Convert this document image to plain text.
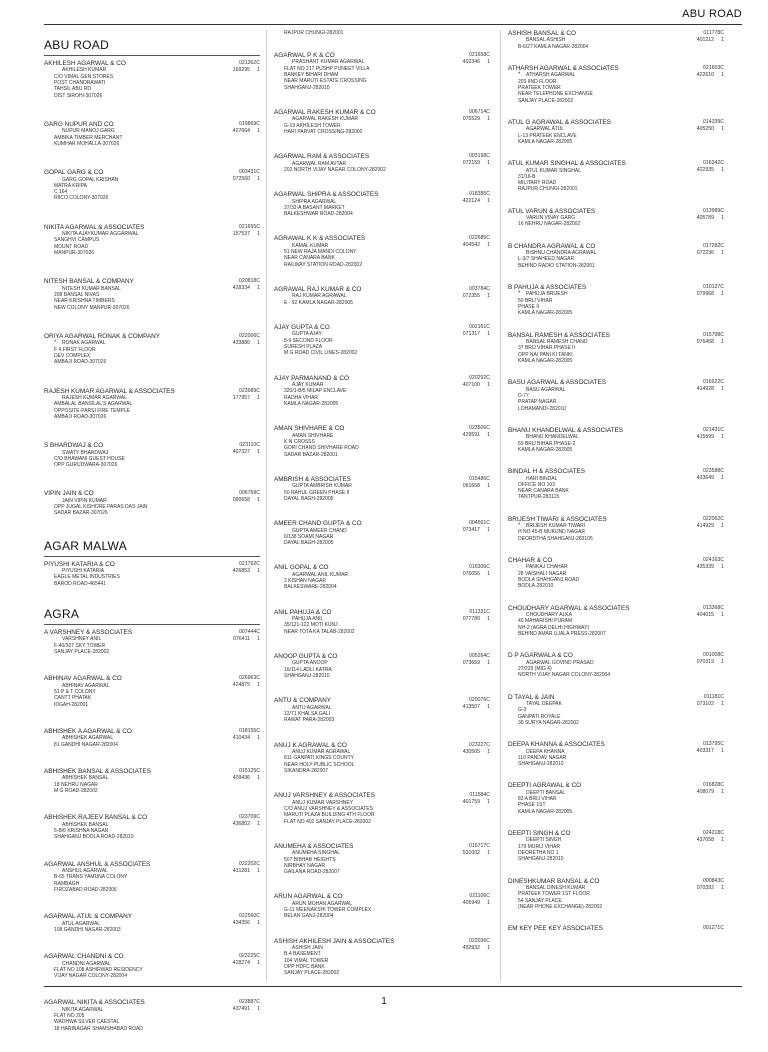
ABU ROAD
ABU ROAD
AKHILESH AGARWAL & CO	021362C
169295 1
AKHILESH KUMAR
C/O VIMAL GEN STORES
POST CHANDRAWATI
TAHSIL ABU RD
DIST SIROHI-307026
GARG NUPUR AND CO	019869C
427664 1
NUPUR MANOJ GARG
AMBIKA TIMBER MERCHANT
KUMHAR MOHALLA-307026
GOPAL GARG & CO	003431C
072560 1
GARG GOPAL KRISHAN
MATRA KRIPA
C 164
RIICO COLONY-307026
NIKITA AGARWAL & ASSOCIATES	021655C
157537 1
NIKITA AJAYKUMAR AGGARWAL
SANGHVI CAMPUS
MOUNT ROAD
MANPUR-307026
NITESH BANSAL & COMPANY	020818C
428334 1
NITESH KUMAR BANSAL
208 BANSAL NIVAS
NEAR KRISHNA TIMBERS
NEW COLONY MANPUR-307026
ORIYA AGARWAL RONAK & COMPANY	022006C
433886 1
*	RONAK AGARWAL
F 4 FIRST FLOOR
DEV COMPLEX
AMBAJI ROAD-307026
RAJESH KUMAR AGARWAL & ASSOCIATES	023989C
177957 1
RAJESH KUMAR AGARWAL
AMBALAL BANSILAL'S AGARWAL
OPPOSITE-PARSI FIRE TEMPLE
AMBAJI ROAD-307026
S BHARDWAJ & CO	023110C
407327 1
SWATY BHARDWAJ
C/O BHAWANI GUEST HOUSE
OPP GURUDWARA-307026
VIPIN JAIN & CO	006769C
090658 1
JAIN VIPIN KUMAR
OPP JUGAL KISHORE PARAS DAS JAIN
SADAR BAZAR-307026
AGAR MALWA
PIYUSHI KATARIA & CO	021762C
426853 1
PIYUSHI KATARIA
EAGLE METAL INDUSTRIES
BAROD ROAD-465441
AGRA
A VARSHNEY & ASSOCIATES	007444C
076411 1
VARSHNEY ANIL
F-40/307 SKY TOWER
SANJAY PLACE-282002
ABHINAV AGARWAL & CO	026963C
424875 1
ABHINAV AGARWAL
51 P & T COLONY
CANTT PHATAK
IDGAH-282001
ABHISHEK A AGARWAL & CO	018155C
410434 1
ABHISHEK AGARWAL
81 GANDHI NAGAR-282004
ABHISHEK BANSAL & ASSOCIATES	015125C
409436 1
ABHISHEK BANSAL
18 NEHRU NAGAR
M G ROAD-282002
ABHISHEK RAJEEV BANSAL & CO	023709C
436802 1
ABHISHEK BANSAL
5-B/6 KRISHNA NAGAR
SHAHGANJ BODLA ROAD-282010
AGARWAL ANSHUL & ASSOCIATES	022202C
431281 1
ANSHUL AGARWAL
B-65 TRANS YAMUNA COLONY
RAMBAGH
FIROZABAD ROAD-282006
AGARWAL ATUL & COMPANY	022560C
434356 1
ATUL AGARWAL
108 GANDHI NAGAR-282003
AGARWAL CHANDNI & CO	023225C
428274 1
CHANDNI AGARWAL
FLAT NO 108 ASHIRWAD RESIDENCY
VIJAY NAGAR COLONY-282004
AGARWAL NIKITA & ASSOCIATES	023887C
437491 1
NIKITA AGARWAL
FLAT NO 205
WADHWA SILVER CAESTAL
18 HARINAGAR SHAMSHABAD ROAD
RAJPUR CHUNGI-282001
AGARWAL P K & CO	021658C
402346 1
PRASHANT KUMAR AGARWAL
FLAT NO 217 PUSHP PUNEET VILLA
BANKEY BIHARI DHAM
NEAR MARUTI ESTATE CROSSING
SHAHGANJ-282010
AGARWAL RAKESH KUMAR & CO	006714C
075529 1
AGARWAL RAKESH KUMAR
G-19 AKHILESH TOWER
HARI PARVAT CROSSING-282002
AGARWAL RAM & ASSOCIATES	003198C
072159 1
AGARWAL RAM AVTAR
202 NORTH VIJAY NAGAR COLONY-282002
AGARWAL SHIPRA & ASSOCIATES	018385C
422124 1
SHIPRA AGARWAL
37/32-A BASANT MARKET
BALKESHWAR ROAD-282004
AGRAWAL K K & ASSOCIATES	022685C
404542 1
KAMAL KUMAR
51 NEW RAJA MANDI COLONY
NEAR CANARA BANK
RAILWAY STATION ROAD-282002
AGRAWAL RAJ KUMAR & CO	003784C
072355 1
RAJ KUMAR AGRAWAL
E - 92 KAMLA NAGAR-282005
AJAY GUPTA & CO	002161C
071317 1
GUPTA AJAY
8-9 SECOND FLOOR
SURESH PLAZA
M G ROAD CIVIL LINES-282002
AJAY PARMANAND & CO	020292C
407100 1
AJAY KUMAR
320/1-B/5 MILAP ENCLAVE
RADHA VIHAR
KAMLA NAGAR-282005
AMAN SHIVHARE & CO	023506C
429591 1
AMAN SHIVHARE
K N CROSSS
GORI CHAND SHIVHARE ROAD
SADAR BAZAR-282001
AMBRISH & ASSOCIATES	015486C
061668 1
GUPTA AMBRISH KUMAR
50 RAHUL GREEN PHASE II
DAYAL BAGH-282005
AMEER CHAND GUPTA & CO	004561C
073417 1
GUPTA AMEER CHAND
6/138 SOAMI NAGAR
DAYAL BAGH-282005
ANIL GOPAL & CO	016306C
076056 1
AGARWAL ANIL KUMAR
2 KISHAN NAGAR
BALKESWARE-282004
ANIL PAHUJA & CO	011331C
077780 1
PAHUJA ANIL
35/121-122 MOTI KUNJ
NEAR TOTA KA TALAB-282002
ANOOP GUPTA & CO	005264C
073659 1
GUPTA ANOOP
16/114 LADLI KATRA
SHAHGANJ-282010
ANTU & COMPANY	020076C
413507 1
ANTU AGARWAL
12/71 KHALSA GALI
RAWAT PARA-282003
ANUJ K AGRAWAL & CO	023227C
430505 1
ANUJ KUMAR AGRAWAL
811 GANPATI KINGS COUNTY
NEAR HOLY PUBLIC SCHOOL
SIKANDRA-282007
ANUJ VARSHNEY & ASSOCIATES	011584C
401759 1
ANUJ KUMAR VARSHNEY
C/O ANUJ VARSHNEY & ASSOCIATES
MARUTI PLAZA BUILDING 4TH FLOOR
FLAT NO 402 SANJAY PLACE-282002
ANUMEHA & ASSOCIATES	016717C
531002 1
ANUMEHA SINGHAL
507 BIBHAB HEIGHTS
NIRBHAY NAGAR
GAILANA ROAD-282007
ARUN AGARWAL & CO	021106C
405949 1
ARUN MOHAN AGARWAL
G-11 MEENAKSHI TOWER COMPLEX
BELAN GANJ-282004
ASHISH AKHILESH JAIN & ASSOCIATES	022036C
432932 1
ASHISH JAIN
B-4 BASEMENT
104 VIMAL TOWER
OPP HDFC BANK
SANJAY PLACE-282002
ASHISH BANSAL & CO	011778C
401212 1
BANSAL ASHISH
B-6/27 KAMLA NAGAR-282004
ATHARSH AGARWAL & ASSOCIATES	021603C
422610 1
*	ATHARSH AGARWAL
203 IIND FLOOR
PRATEEK TOWER
NEAR TELEPHONE EXCHANGE
SANJAY PLACE-282002
ATUL G AGRAWAL & ASSOCIATES	014339C
405250 1
AGARWAL ATUL
L-13 PRATEEK ENCLAVE
KAMLA NAGAR-282005
ATUL KUMAR SINGHAL & ASSOCIATES	016342C
422935 1
ATUL KUMAR SINGHAL
31/16-B
MILITARY ROAD
RAJPUR CHUNGI-282001
ATUL VARUN & ASSOCIATES	013989C
405789 1
VARUN VINAY GARG
16 NEHRU NAGAR-282002
B CHANDRA AGRAWAL & CO	017282C
072236 1
BISHNU CHANDRA AGRAWAL
L-3/7 SHAHEED NAGAR
BEHIND RADIO STATION-282001
B PAHUJA & ASSOCIATES	010137C
079968 1
*	PAHUJA BRIJESH
50 BRIJ VIHAR
PHASE II
KAMLA NAGAR-282005
BANSAL RAMESH & ASSOCIATES	015798C
076458 1
BANSAL RAMESH CHAND
37 BRIJ VIHAR PHASE II
OPP NAI PANI KI TANKI
KAMLA NAGAR-282005
BASU AGARWAL & ASSOCIATES	016922C
414928 1
BASU AGARWAL
D-77
PRATAP NAGAR
LOHAMANDI-282010
BHANU KHANDELWAL & ASSOCIATES	021431C
415599 1
BHANU KHANDELWAL
59 BRIJ BIHAR PHASE-2
KAMLA NAGAR-282005
BINDAL H & ASSOCIATES	023588C
433649 1
HARI BINDAL
OFFICE NO 103
NEAR CANARA BANK
TANTPUR-283115
BRIJESH TIWARI & ASSOCIATES	022062C
414929 1
*	BRIJESH KUMAR TIWARI
H NO 45-B MUKUND NAGAR
DEORDTHA SHAHGANJ-283105
CHAHAR & CO	024163C
435339 1
PANKAJ CHAHAR
28 VAISHALI NAGAR
BODLA SHAHGANJ ROAD
BODLA-282010
CHOUDHARY AGARWAL & ASSOCIATES	013368C
404015 1
CHOUDHARY ALKA
40 MAHARISHI PURAM
NH-2 (AGRA DELHI HIGHWAY)
BEHIND AMAR UJALA PRESS-282007
D P AGARWALA & CO	001008C
070319 1
AGARWAL GOVIND PRASAD
27/229 (MIG 4)
NORTH VIJAY NAGAR COLONY-282004
D TAYAL & JAIN	011181C
073102 1
TAYAL DEEPAK
G-3
GANPATI ROYALE
30 SURYA NAGAR-282002
DEEPA KHANNA & ASSOCIATES	013795C
403317 1
DEEPA KHANNA
110 PANDAV NAGAR
SHAHGANJ-282010
DEEPTI AGRAWAL & CO	016828C
408079 1
DEEPTI BANSAL
83 A BRIJ VIHAR
PHASE 1ST
KAMLA NAGAR-282005
DEEPTI SINGH & CO	024218C
437058 1
DEEPTI SINGH
179 MURLI VIHAR
DEORETHA NO 1
SHAHGANJ-282010
DINESHKUMAR BANSAL & CO	000843C
070392 1
BANSAL DINESH KUMAR
PRATEEK TOWER 1ST FLOOR
54 SANJAY PLACE
(NEAR PHONE EXCHANGE)-282002
EM KEY PEE KEY ASSOCIATES	001271C
1
